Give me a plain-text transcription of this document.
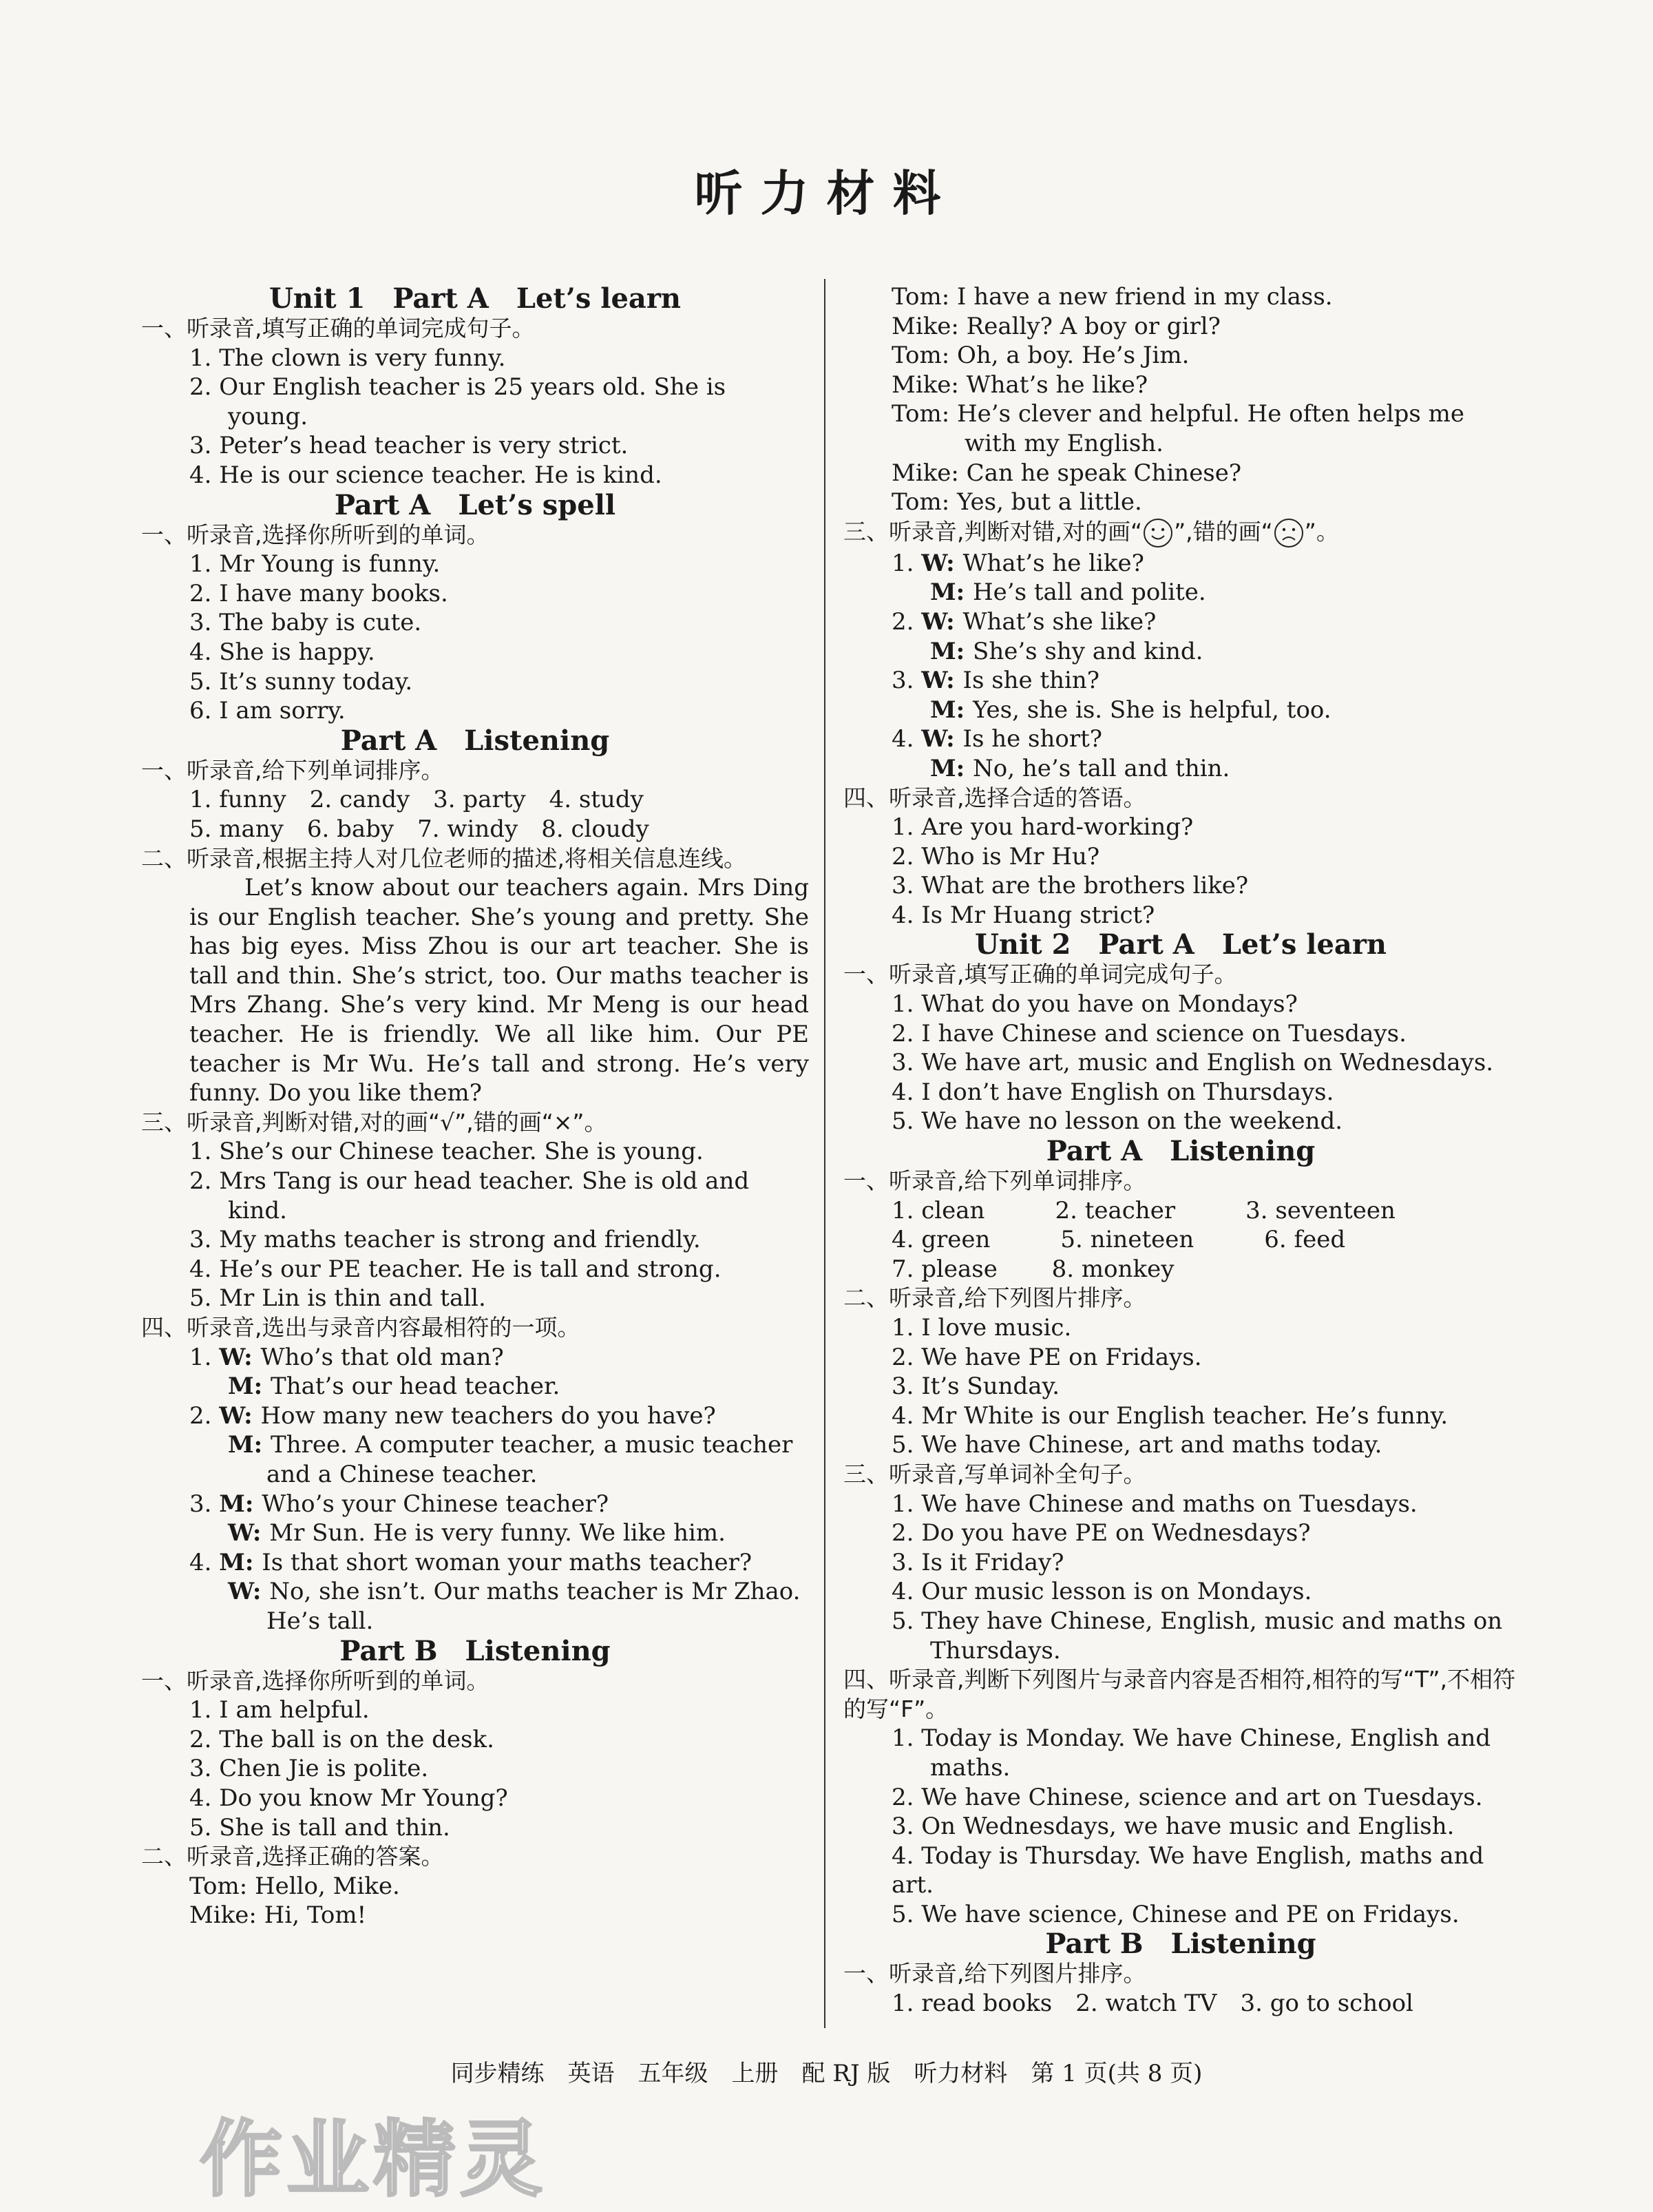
听力材料
Unit 1　Part A　Let’s learn
一、听录音,填写正确的单词完成句子。
1. The clown is very funny.
2. Our English teacher is 25 years old. She is young.
3. Peter’s head teacher is very strict.
4. He is our science teacher. He is kind.
Part A　Let’s spell
一、听录音,选择你所听到的单词。
1. Mr Young is funny.
2. I have many books.
3. The baby is cute.
4. She is happy.
5. It’s sunny today.
6. I am sorry.
Part A　Listening
一、听录音,给下列单词排序。
1. funny　2. candy　3. party　4. study
5. many　6. baby　7. windy　8. cloudy
二、听录音,根据主持人对几位老师的描述,将相关信息连线。
Let’s know about our teachers again. Mrs Ding is our English teacher. She’s young and pretty. She has big eyes. Miss Zhou is our art teacher. She is tall and thin. She’s strict, too. Our maths teacher is Mrs Zhang. She’s very kind. Mr Meng is our head teacher. He is friendly. We all like him. Our PE teacher is Mr Wu. He’s tall and strong. He’s very funny. Do you like them?
三、听录音,判断对错,对的画“√”,错的画“×”。
1. She’s our Chinese teacher. She is young.
2. Mrs Tang is our head teacher. She is old and kind.
3. My maths teacher is strong and friendly.
4. He’s our PE teacher. He is tall and strong.
5. Mr Lin is thin and tall.
四、听录音,选出与录音内容最相符的一项。
1. W: Who’s that old man?
M: That’s our head teacher.
2. W: How many new teachers do you have?
M: Three. A computer teacher, a music teacher and a Chinese teacher.
3. M: Who’s your Chinese teacher?
W: Mr Sun. He is very funny. We like him.
4. M: Is that short woman your maths teacher?
W: No, she isn’t. Our maths teacher is Mr Zhao. He’s tall.
Part B　Listening
一、听录音,选择你所听到的单词。
1. I am helpful.
2. The ball is on the desk.
3. Chen Jie is polite.
4. Do you know Mr Young?
5. She is tall and thin.
二、听录音,选择正确的答案。
Tom: Hello, Mike.
Mike: Hi, Tom!
Tom: I have a new friend in my class.
Mike: Really? A boy or girl?
Tom: Oh, a boy. He’s Jim.
Mike: What’s he like?
Tom: He’s clever and helpful. He often helps me with my English.
Mike: Can he speak Chinese?
Tom: Yes, but a little.
三、听录音,判断对错,对的画“ ”,错的画“ ”。
1. W: What’s he like?
M: He’s tall and polite.
2. W: What’s she like?
M: She’s shy and kind.
3. W: Is she thin?
M: Yes, she is. She is helpful, too.
4. W: Is he short?
M: No, he’s tall and thin.
四、听录音,选择合适的答语。
1. Are you hard-working?
2. Who is Mr Hu?
3. What are the brothers like?
4. Is Mr Huang strict?
Unit 2　Part A　Let’s learn
一、听录音,填写正确的单词完成句子。
1. What do you have on Mondays?
2. I have Chinese and science on Tuesdays.
3. We have art, music and English on Wednesdays.
4. I don’t have English on Thursdays.
5. We have no lesson on the weekend.
Part A　Listening
一、听录音,给下列单词排序。
1. clean　　　2. teacher　　　3. seventeen
4. green　　　5. nineteen　　　6. feed
7. please　　 8. monkey
二、听录音,给下列图片排序。
1. I love music.
2. We have PE on Fridays.
3. It’s Sunday.
4. Mr White is our English teacher. He’s funny.
5. We have Chinese, art and maths today.
三、听录音,写单词补全句子。
1. We have Chinese and maths on Tuesdays.
2. Do you have PE on Wednesdays?
3. Is it Friday?
4. Our music lesson is on Mondays.
5. They have Chinese, English, music and maths on Thursdays.
四、听录音,判断下列图片与录音内容是否相符,相符的写“T”,不相符的写“F”。
1. Today is Monday. We have Chinese, English and maths.
2. We have Chinese, science and art on Tuesdays.
3. On Wednesdays, we have music and English.
4. Today is Thursday. We have English, maths and art.
5. We have science, Chinese and PE on Fridays.
Part B　Listening
一、听录音,给下列图片排序。
1. read books　2. watch TV　3. go to school
同步精练　英语　五年级　上册　配 RJ 版　听力材料　第 1 页(共 8 页)
作业精灵
